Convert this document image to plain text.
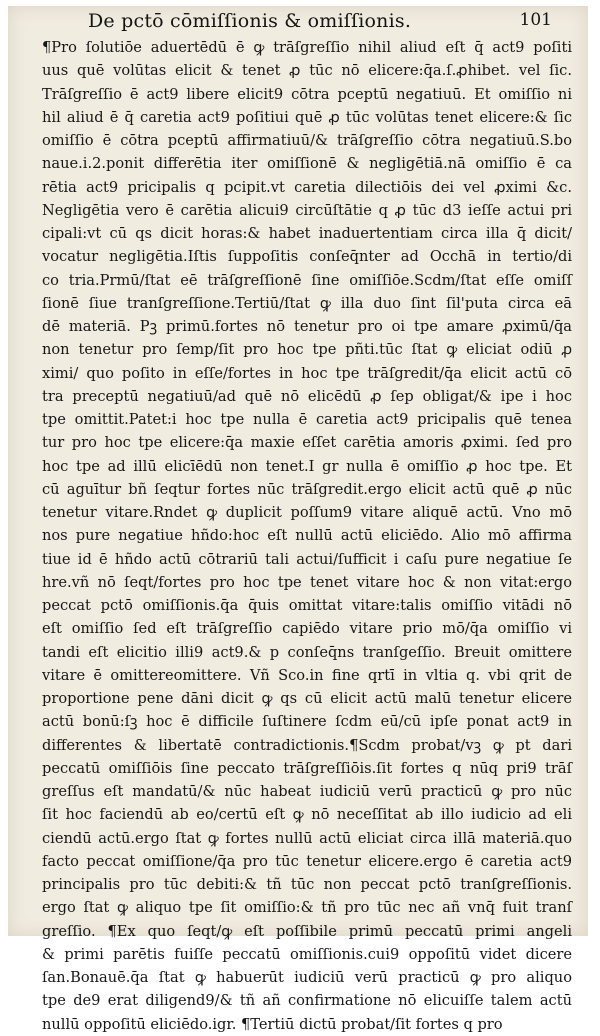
De pctō cōmiſſionis & omiſſionis.	101
¶Pro ſolutiōe aduertēdū ē ꝙ trāſgreſſio nihil aliud eſt q̄ act9 poſiti
uus quē volūtas elicit & tenet ꝓ tūc nō elicere:q̄a.ſ.ꝓhibet. vel ſic.
Trāſgreſſio ē act9 libere elicit9 cōtra pceptū negatiuū. Et omiſſio ni
hil aliud ē q̄ caretia act9 poſitiui quē ꝓ tūc volūtas tenet elicere:& ſic
omiſſio ē cōtra pceptū affirmatiuū/& trāſgreſſio cōtra negatiuū.S.bo
naue.i.2.ponit differētia iter omiſſionē & negligētiā.nā omiſſio ē ca
rētia act9 pricipalis q pcipit.vt caretia dilectiōis dei vel ꝓximi &c.
Negligētia vero ē carētia alicui9 circūſtātie q ꝓ tūc d3 ieſſe actui pri
cipali:vt cū qs dicit horas:& habet inaduertentiam circa illa q̄ dicit/
vocatur negligētia.Iſtis ſuppoſitis conſeq̄nter ad Occhā in tertio/di
co tria.Prmū/ſtat eē trāſgreſſionē ſine omiſſiōe.Scdm/ſtat eſſe omiſſ
ſionē ſiue tranſgreſſione.Tertiū/ſtat ꝙ illa duo ſint ſil'puta circa eā
dē materiā. Pꝫ primū.fortes nō tenetur pro oi tpe amare ꝓximū/q̄a
non tenetur pro ſemp/ſit pro hoc tpe pñti.tūc ſtat ꝙ eliciat odiū ꝓ
ximi/ quo poſito in eſſe/fortes in hoc tpe trāſgredit/q̄a elicit actū cō
tra preceptū negatiuū/ad quē nō elicēdū ꝓ ſep obligat/& ipe i hoc
tpe omittit.Patet:i hoc tpe nulla ē caretia act9 pricipalis quē tenea
tur pro hoc tpe elicere:q̄a maxie eſſet carētia amoris ꝓximi. ſed pro
hoc tpe ad illū elicīēdū non tenet.I gr nulla ē omiſſio ꝓ hoc tpe. Et
cū aguītur bñ ſeqtur fortes nūc trāſgredit.ergo elicit actū quē ꝓ nūc
tenetur vitare.Rndet ꝙ duplicit poſſum9 vitare aliquē actū. Vno mō
nos pure negatiue hñdo:hoc eſt nullū actū eliciēdo. Alio mō affirma
tiue id ē hñdo actū cōtrariū tali actui/ſufficit i caſu pure negatiue ſe
hre.vñ nō ſeqt/fortes pro hoc tpe tenet vitare hoc & non vitat:ergo
peccat pctō omiſſionis.q̄a q̄uis omittat vitare:talis omiſſio vitādi nō
eſt omiſſio ſed eſt trāſgreſſio capiēdo vitare prio mō/q̄a omiſſio vi
tandi eſt elicitio illi9 act9.& p conſeq̄ns tranſgeſſio. Breuit omittere
vitare ē omittereomittere. Vñ Sco.in fine qrtī in vltia q. vbi qrit de
proportione pene dāni dicit ꝙ qs cū elicit actū malū tenetur elicere
actū bonū:ſꝫ hoc ē difficile ſuſtinere ſcdm eū/cū ipſe ponat act9 in
differentes & libertatē contradictionis.¶Scdm probat/vꝫ ꝙ pt dari
peccatū omiſſiōis ſine peccato trāſgreſſiōis.ſit fortes q nūq pri9 trāſ
greſſus eſt mandatū/& nūc habeat iudiciū verū practicū ꝙ pro nūc
ſit hoc faciendū ab eo/certū eſt ꝙ nō neceſſitat ab illo iudicio ad eli
ciendū actū.ergo ſtat ꝙ fortes nullū actū eliciat circa illā materiā.quo
facto peccat omiſſione/q̄a pro tūc tenetur elicere.ergo ē caretia act9
principalis pro tūc debiti:& tñ tūc non peccat pctō tranſgreſſionis.
ergo ſtat ꝙ aliquo tpe ſit omiſſio:& tñ pro tūc nec añ vnq̄ fuit tranſ
greſſio. ¶Ex quo ſeqt/ꝙ eſt poſſibile primū peccatū primi angeli
& primi parētis fuiſſe peccatū omiſſionis.cui9 oppoſitū videt dicere
ſan.Bonauē.q̄a ſtat ꝙ habuerūt iudiciū verū practicū ꝙ pro aliquo
tpe de9 erat diligend9/& tñ añ confirmatione nō elicuiſſe talem actū
nullū oppoſitū eliciēdo.igr. ¶Tertiū dictū probat/ſit fortes q pro
